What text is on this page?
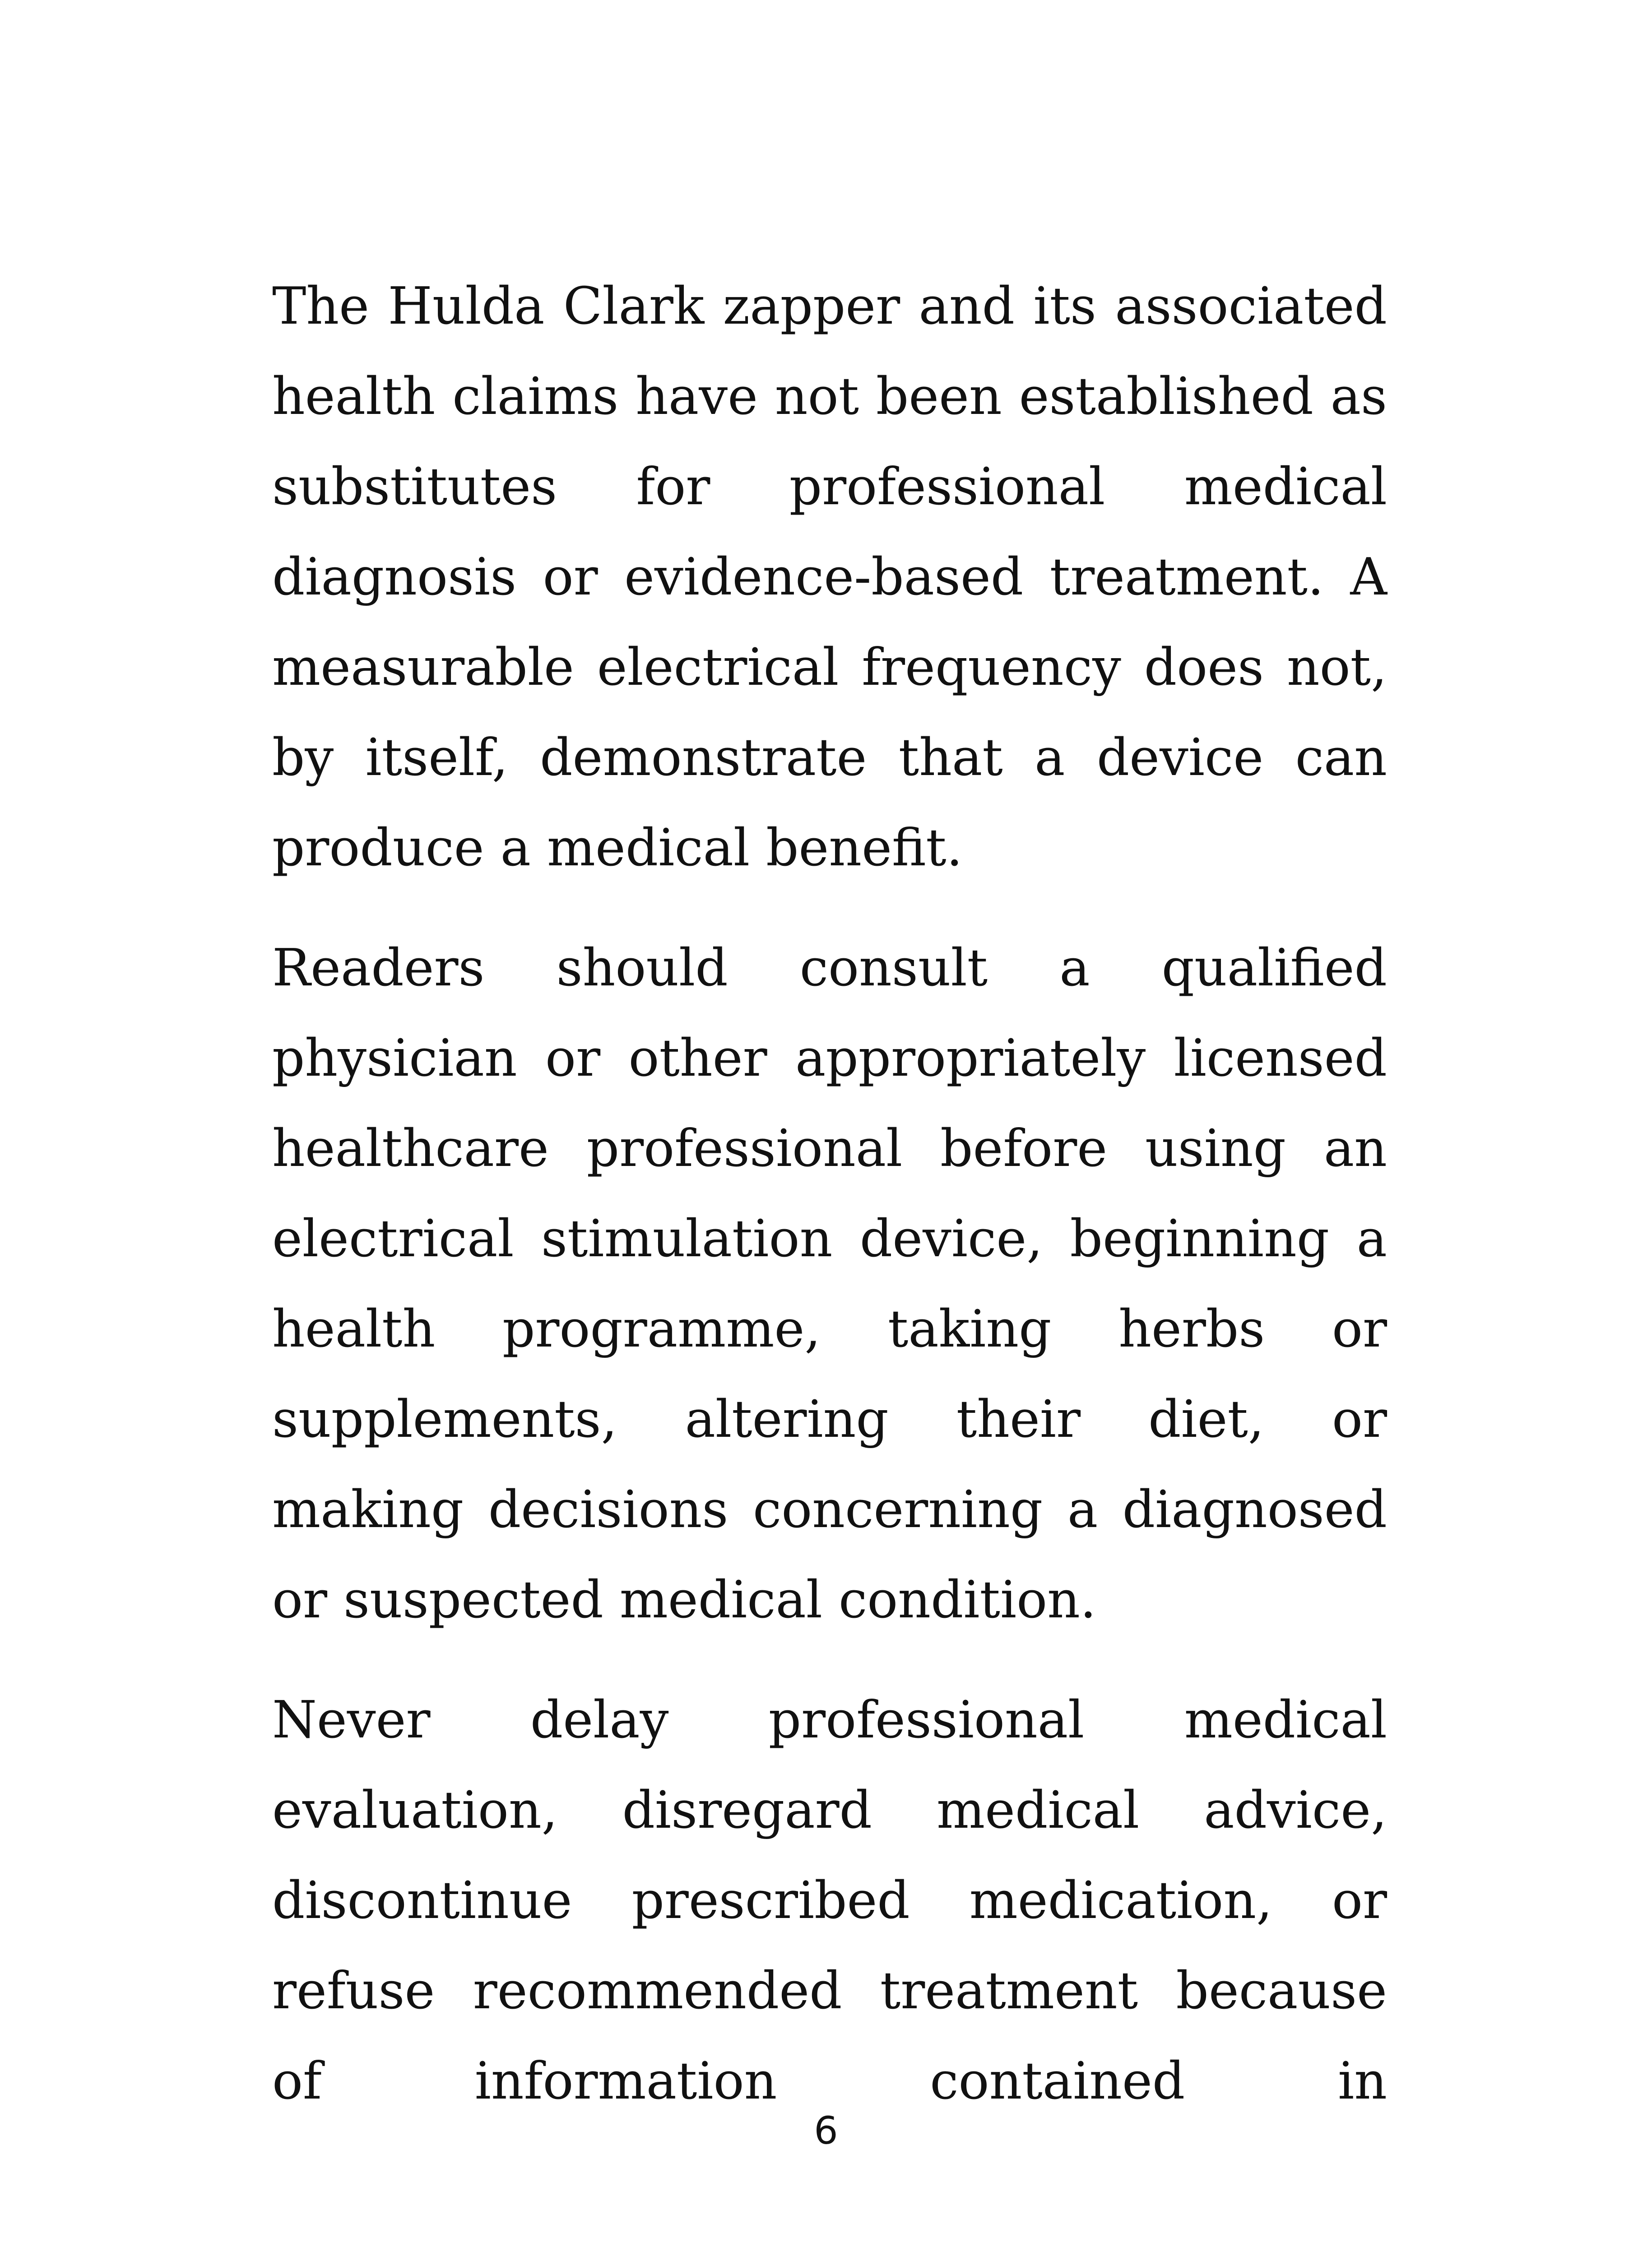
The Hulda Clark zapper and its associated health claims have not been established as substitutes for professional medical diagnosis or evidence-based treatment. A measurable electrical frequency does not, by itself, demonstrate that a device can produce a medical benefit.

Readers should consult a qualified physician or other appropriately licensed healthcare professional before using an electrical stimulation device, beginning a health programme, taking herbs or supplements, altering their diet, or making decisions concerning a diagnosed or suspected medical condition.

Never delay professional medical evaluation, disregard medical advice, discontinue prescribed medication, or refuse recommended treatment because of information contained in

6
